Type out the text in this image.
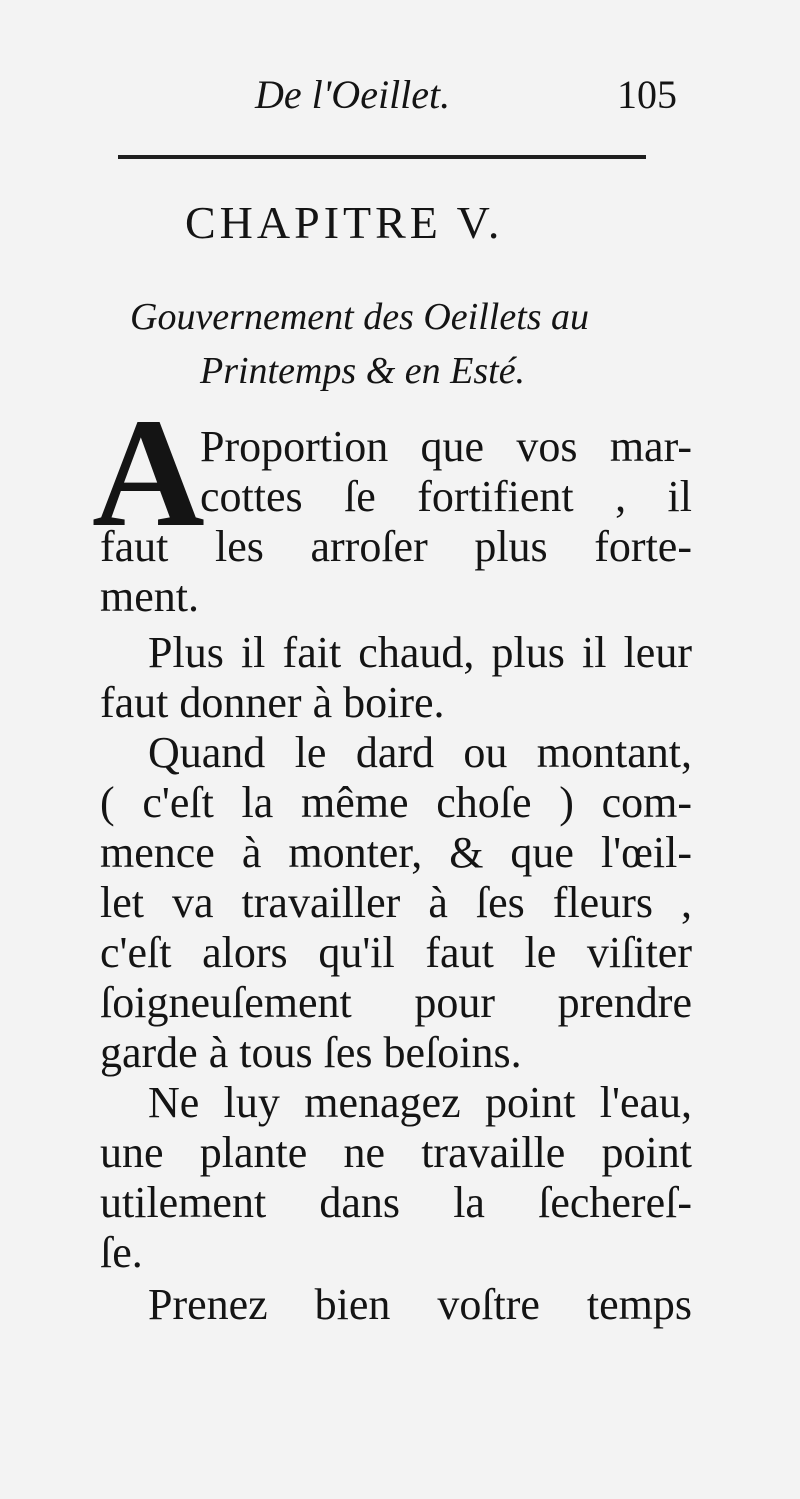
De l'Oeillet.	105
CHAPITRE V.
Gouvernement des Oeillets au
Printemps & en Esté.
A
Proportion que vos mar-
cottes ſe fortifient , il
faut les arroſer plus forte-
ment.
Plus il fait chaud, plus il leur
faut donner à boire.
Quand le dard ou montant,
( c'eſt la même choſe ) com-
mence à monter, & que l'œil-
let va travailler à ſes fleurs ,
c'eſt alors qu'il faut le viſiter
ſoigneuſement pour prendre
garde à tous ſes beſoins.
Ne luy menagez point l'eau,
une plante ne travaille point
utilement dans la ſechereſ-
ſe.
Prenez bien voſtre temps
